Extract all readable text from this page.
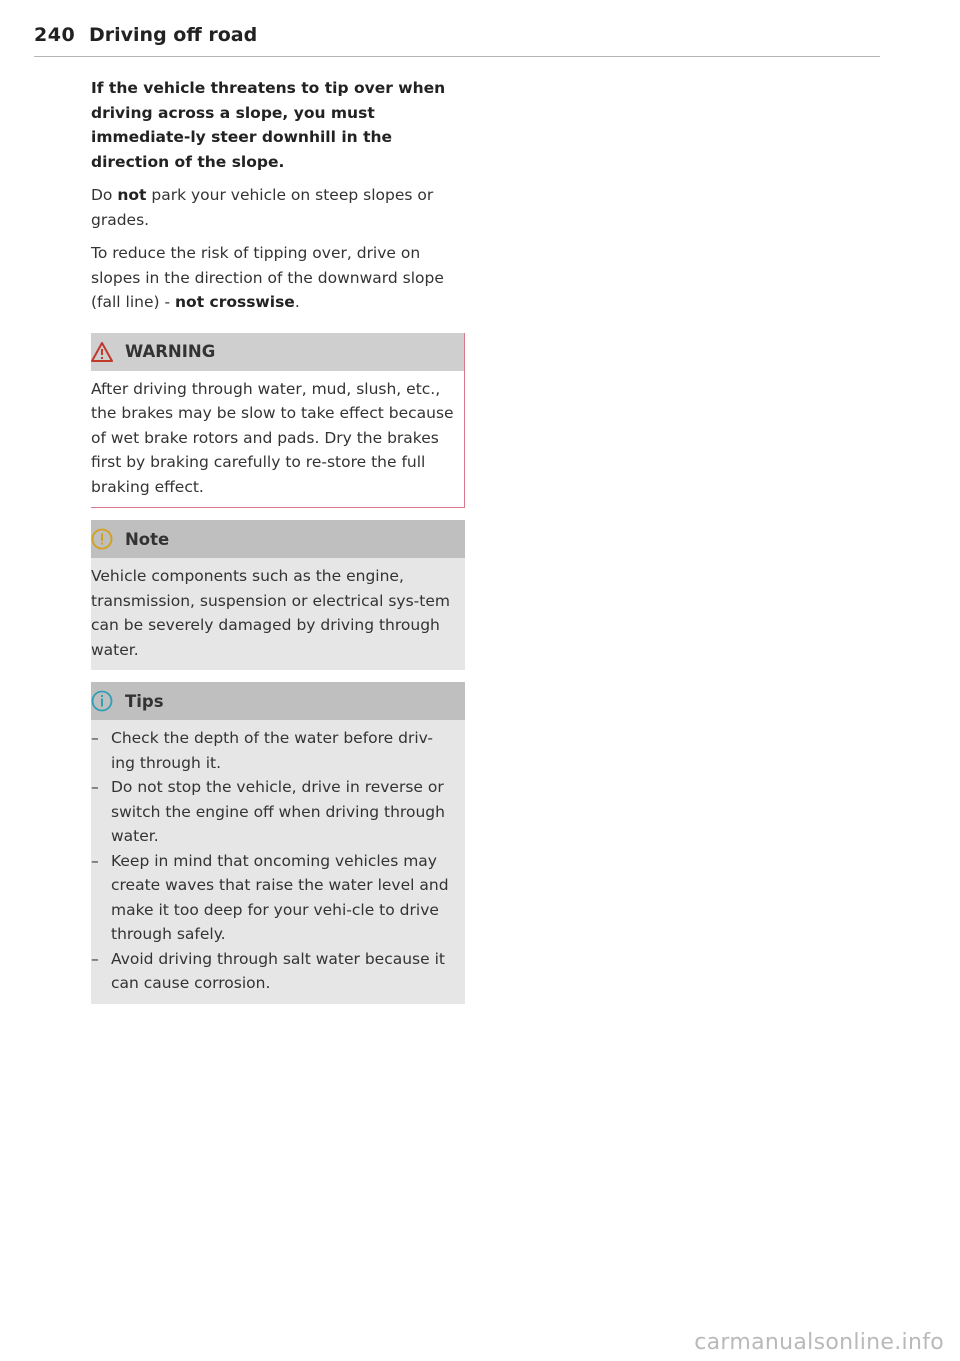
240 Driving off road

If the vehicle threatens to tip over when driving across a slope, you must immediate-ly steer downhill in the direction of the slope.

Do not park your vehicle on steep slopes or grades.

To reduce the risk of tipping over, drive on slopes in the direction of the downward slope (fall line) - not crosswise.

WARNING
After driving through water, mud, slush, etc., the brakes may be slow to take effect because of wet brake rotors and pads. Dry the brakes first by braking carefully to re-store the full braking effect.
Note
Vehicle components such as the engine, transmission, suspension or electrical sys-tem can be severely damaged by driving through water.
Tips
– Check the depth of the water before driv-ing through it.
– Do not stop the vehicle, drive in reverse or switch the engine off when driving through water.
– Keep in mind that oncoming vehicles may create waves that raise the water level and make it too deep for your vehi-cle to drive through safely.
– Avoid driving through salt water because it can cause corrosion.
carmanualsonline.info
